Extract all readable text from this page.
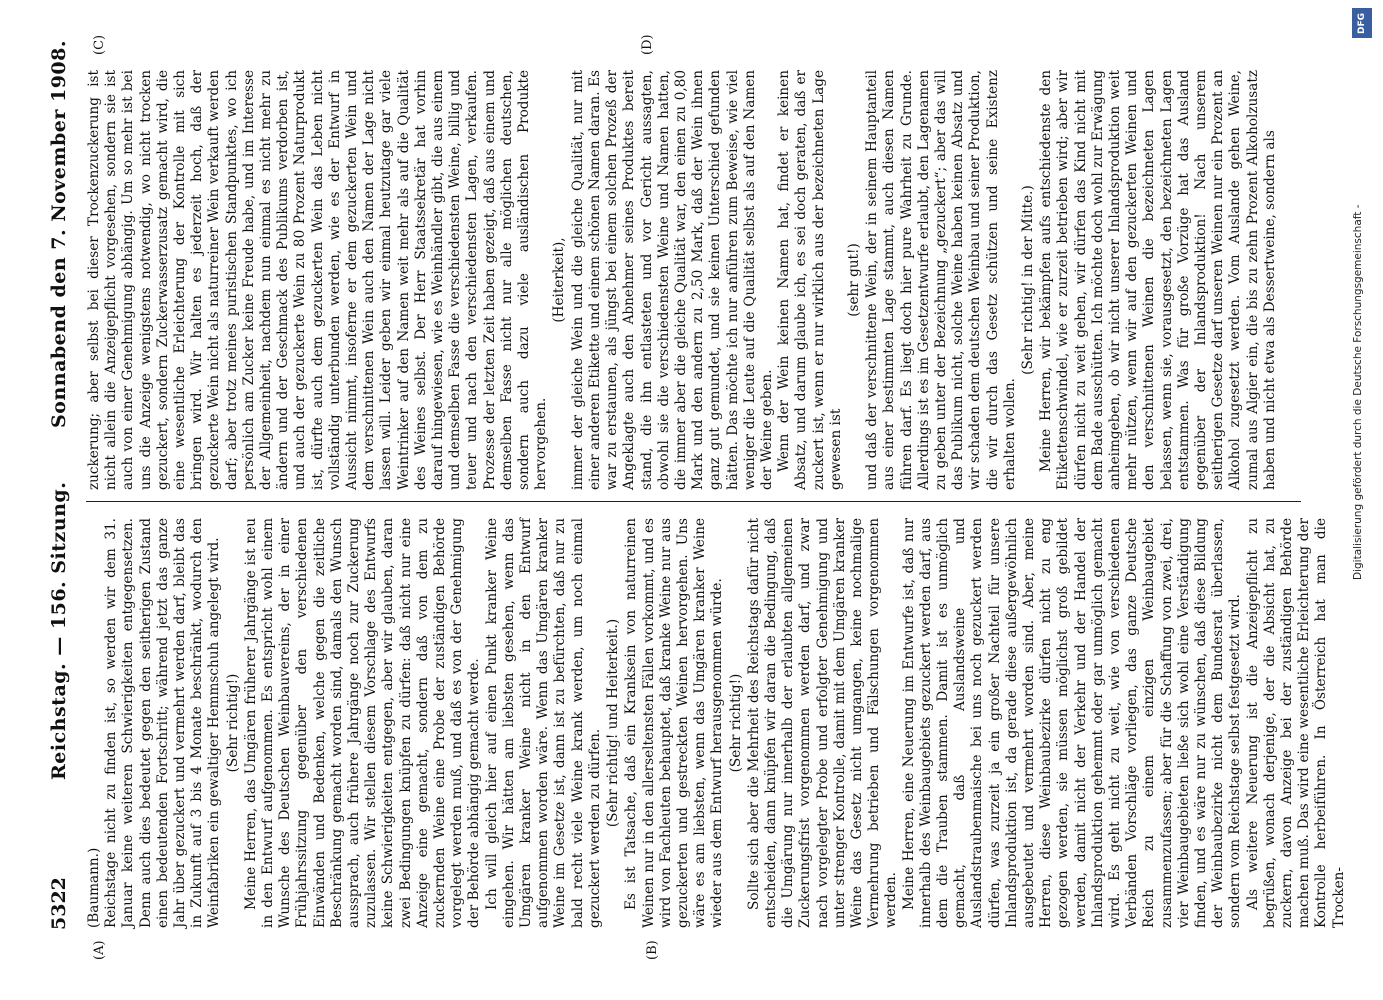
5322
Reichstag. — 156. Sitzung.
Sonnabend den 7. November 1908.
(A)	(B)
(C)	(D)

(Baumann.) Reichstage nicht zu finden ist, so werden wir dem 31. Januar keine weiteren Schwierigkeiten entgegensetzen. Denn auch dies bedeutet gegen den seitherigen Zustand einen bedeutenden Fortschritt; während jetzt das ganze Jahr über gezuckert und vermehrt werden darf, bleibt das in Zukunft auf 3 bis 4 Monate beschränkt, wodurch den Weinfabriken ein gewaltiger Hemmschuh angelegt wird. (Sehr richtig!) Meine Herren, das Umgären früherer Jahrgänge ist neu in den Entwurf aufgenommen. Es entspricht wohl einem Wunsche des Deutschen Weinbauvereins, der in einer Frühjahrssitzung gegenüber den verschiedenen Einwänden und Bedenken, welche gegen die zeitliche Beschränkung gemacht worden sind, damals den Wunsch aussprach, auch frühere Jahrgänge noch zur Zuckerung zuzulassen. Wir stellen diesem Vorschlage des Entwurfs keine Schwierigkeiten entgegen, aber wir glauben, daran zwei Bedingungen knüpfen zu dürfen: daß nicht nur eine Anzeige eine gemacht, sondern daß von dem zu zuckernden Weine eine Probe der zuständigen Behörde vorgelegt werden muß, und daß es von der Genehmigung der Behörde abhängig gemacht werde. Ich will gleich hier auf einen Punkt kranker Weine eingehen. Wir hätten am liebsten gesehen, wenn das Umgären kranker Weine nicht in den Entwurf aufgenommen worden wäre. Wenn das Umgären kranker Weine im Gesetze ist, dann ist zu befürchten, daß nur zu bald recht viele Weine krank werden, um noch einmal gezuckert werden zu dürfen.

(Sehr richtig! und Heiterkeit.) Es ist Tatsache, daß ein Kranksein von naturreinen Weinen nur in den allerseltensten Fällen vorkommt, und es wird von Fachleuten behauptet, daß kranke Weine nur aus gezuckerten und gestreckten Weinen hervorgehen. Uns wäre es am liebsten, wenn das Umgären kranker Weine wieder aus dem Entwurf herausgenommen würde. (Sehr richtig!) Sollte sich aber die Mehrheit des Reichstags dafür nicht entscheiden, dann knüpfen wir daran die Bedingung, daß die Umgärung nur innerhalb der erlaubten allgemeinen Zuckerungsfrist vorgenommen werden darf, und zwar nach vorgelegter Probe und erfolgter Genehmigung und unter strenger Kontrolle, damit mit dem Umgären kranker Weine das Gesetz nicht umgangen, keine nochmalige Vermehrung betrieben und Fälschungen vorgenommen werden. Meine Herren, eine Neuerung im Entwurfe ist, daß nur innerhalb des Weinbaugebiets gezuckert werden darf, aus dem die Trauben stammen. Damit ist es unmöglich gemacht, daß Auslandsweine und Auslandstraubenmaische bei uns noch gezuckert werden dürfen, was zurzeit ja ein großer Nachteil für unsere Inlandsproduktion ist, da gerade diese außergewöhnlich ausgebeutet und vermehrt worden sind. Aber, meine Herren, diese Weinbaubezirke dürfen nicht zu eng gezogen werden, sie müssen möglichst groß gebildet werden, damit nicht der Verkehr und der Handel der Inlandsproduktion gehemmt oder gar unmöglich gemacht wird. Es geht nicht zu weit, wie von verschiedenen Verbänden Vorschläge vorliegen, das ganze Deutsche Reich zu einem einzigen Weinbaugebiet zusammenzufassen; aber für die Schaffung von zwei, drei, vier Weinbaugebieten ließe sich wohl eine Verständigung finden, und es wäre nur zu wünschen, daß diese Bildung der Weinbaubezirke nicht dem Bundesrat überlassen, sondern vom Reichstage selbst festgesetzt wird. Als weitere Neuerung ist die Anzeigepflicht zu begrüßen, wonach derjenige, der die Absicht hat, zu zuckern, davon Anzeige bei der zuständigen Behörde machen muß. Das wird eine wesentliche Erleichterung der Kontrolle herbeiführen. In Österreich hat man die Trocken-

zuckerung; aber selbst bei dieser Trockenzuckerung ist nicht allein die Anzeigepflicht vorgesehen, sondern sie ist auch von einer Genehmigung abhängig. Um so mehr ist bei uns die Anzeige wenigstens notwendig, wo nicht trocken gezuckert, sondern Zuckerwasserzusatz gemacht wird, die eine wesentliche Erleichterung der Kontrolle mit sich bringen wird. Wir halten es jederzeit hoch, daß der gezuckerte Wein nicht als naturreiner Wein verkauft werden darf; aber trotz meines puristischen Standpunktes, wo ich persönlich am Zucker keine Freude habe, und im Interesse der Allgemeinheit, nachdem nun einmal es nicht mehr zu ändern und der Geschmack des Publikums verdorben ist, und auch der gezuckerte Wein zu 80 Prozent Naturprodukt ist, dürfte auch dem gezuckerten Wein das Leben nicht vollständig unterbunden werden, wie es der Entwurf in Aussicht nimmt, insoferne er dem gezuckerten Wein und dem verschnittenen Wein auch den Namen der Lage nicht lassen will. Leider geben wir einmal heutzutage gar viele Weintrinker auf den Namen weit mehr als auf die Qualität des Weines selbst. Der Herr Staatssekretär hat vorhin darauf hingewiesen, wie es Weinhändler gibt, die aus einem und demselben Fasse die verschiedensten Weine, billig und teuer und nach den verschiedensten Lagen, verkaufen. Prozesse der letzten Zeit haben gezeigt, daß aus einem und demselben Fasse nicht nur alle möglichen deutschen, sondern auch dazu viele ausländischen Produkte hervorgehen.

(Heiterkeit), immer der gleiche Wein und die gleiche Qualität, nur mit einer anderen Etikette und einem schönen Namen daran. Es war zu erstaunen, als jüngst bei einem solchen Prozeß der Angeklagte auch den Abnehmer seines Produktes bereit stand, die ihn entlasteten und vor Gericht aussagten, obwohl sie die verschiedensten Weine und Namen hatten, die immer aber die gleiche Qualität war, den einen zu 0,80 Mark und den andern zu 2,50 Mark, daß der Wein ihnen ganz gut gemundet, und sie keinen Unterschied gefunden hätten. Das möchte ich nur anführen zum Beweise, wie viel weniger die Leute auf die Qualität selbst als auf den Namen der Weine geben. Wenn der Wein keinen Namen hat, findet er keinen Absatz, und darum glaube ich, es sei doch geraten, daß er zuckert ist, wenn er nur wirklich aus der bezeichneten Lage gewesen ist

(sehr gut!) und daß der verschnittene Wein, der in seinem Hauptanteil aus einer bestimmten Lage stammt, auch diesen Namen führen darf. Es liegt doch hier pure Wahrheit zu Grunde. Allerdings ist es im Gesetzentwurfe erlaubt, den Lagenamen zu geben unter der Bezeichnung „gezuckert“; aber das will das Publikum nicht, solche Weine haben keinen Absatz und wir schaden dem deutschen Weinbau und seiner Produktion, die wir durch das Gesetz schützen und seine Existenz erhalten wollen.

(Sehr richtig! in der Mitte.) Meine Herren, wir bekämpfen aufs entschiedenste den Etikettenschwindel, wie er zurzeit betrieben wird; aber wir dürfen nicht zu weit gehen, wir dürfen das Kind nicht mit dem Bade ausschütten. Ich möchte doch wohl zur Erwägung anheimgeben, ob wir nicht unserer Inlandsproduktion weit mehr nützen, wenn wir auf den gezuckerten Weinen und den verschnittenen Weinen die bezeichneten Lagen belassen, wenn sie, vorausgesetzt, den bezeichneten Lagen entstammen. Was für große Vorzüge hat das Ausland gegenüber der Inlandsproduktion! Nach unserem seitherigen Gesetze darf unseren Weinen nur ein Prozent an Alkohol zugesetzt werden. Vom Auslande gehen Weine, zumal aus Algier ein, die bis zu zehn Prozent Alkoholzusatz haben und nicht etwa als Dessertweine, sondern als	Digitalisierung gefördert durch die Deutsche Forschungsgemeinschaft -
DFG
